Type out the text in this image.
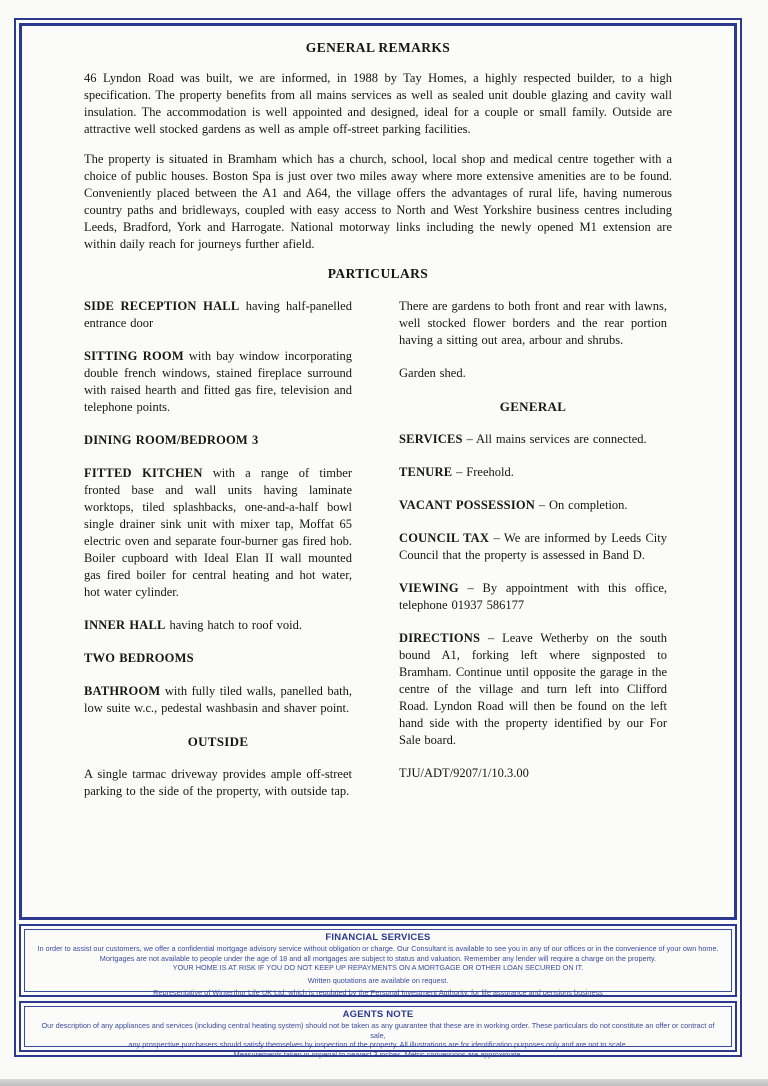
GENERAL REMARKS

46 Lyndon Road was built, we are informed, in 1988 by Tay Homes, a highly respected builder, to a high specification. The property benefits from all mains services as well as sealed unit double glazing and cavity wall insulation. The accommodation is well appointed and designed, ideal for a couple or small family. Outside are attractive well stocked gardens as well as ample off-street parking facilities.

The property is situated in Bramham which has a church, school, local shop and medical centre together with a choice of public houses. Boston Spa is just over two miles away where more extensive amenities are to be found. Conveniently placed between the A1 and A64, the village offers the advantages of rural life, having numerous country paths and bridleways, coupled with easy access to North and West Yorkshire business centres including Leeds, Bradford, York and Harrogate. National motorway links including the newly opened M1 extension are within daily reach for journeys further afield.

PARTICULARS

SIDE RECEPTION HALL having half-panelled entrance door

SITTING ROOM with bay window incorporating double french windows, stained fireplace surround with raised hearth and fitted gas fire, television and telephone points.

DINING ROOM/BEDROOM 3

FITTED KITCHEN with a range of timber fronted base and wall units having laminate worktops, tiled splashbacks, one-and-a-half bowl single drainer sink unit with mixer tap, Moffat 65 electric oven and separate four-burner gas fired hob. Boiler cupboard with Ideal Elan II wall mounted gas fired boiler for central heating and hot water, hot water cylinder.

INNER HALL having hatch to roof void.

TWO BEDROOMS

BATHROOM with fully tiled walls, panelled bath, low suite w.c., pedestal washbasin and shaver point.

OUTSIDE

A single tarmac driveway provides ample off-street parking to the side of the property, with outside tap.

There are gardens to both front and rear with lawns, well stocked flower borders and the rear portion having a sitting out area, arbour and shrubs.

Garden shed.

GENERAL

SERVICES – All mains services are connected.

TENURE – Freehold.

VACANT POSSESSION – On completion.

COUNCIL TAX – We are informed by Leeds City Council that the property is assessed in Band D.

VIEWING – By appointment with this office, telephone 01937 586177

DIRECTIONS – Leave Wetherby on the south bound A1, forking left where signposted to Bramham. Continue until opposite the garage in the centre of the village and turn left into Clifford Road. Lyndon Road will then be found on the left hand side with the property identified by our For Sale board.

TJU/ADT/9207/1/10.3.00

FINANCIAL SERVICES
In order to assist our customers, we offer a confidential mortgage advisory service without obligation or charge. Our Consultant is available to see you in any of our offices or in the convenience of your own home.
Mortgages are not available to people under the age of 18 and all mortgages are subject to status and valuation. Remember any lender will require a charge on the property.
YOUR HOME IS AT RISK IF YOU DO NOT KEEP UP REPAYMENTS ON A MORTGAGE OR OTHER LOAN SECURED ON IT.
Written quotations are available on request.
Representative of Winterthur Life UK Ltd, which is regulated by the Personal Investment Authority, for life assurance and pensions business
AGENTS NOTE
Our description of any appliances and services (including central heating system) should not be taken as any guarantee that these are in working order. These particulars do not constitute an offer or contract of sale,
any prospective purchasers should satisfy themselves by inspection of the property. All illustrations are for identification purposes only and are not to scale.
Measurements taken in imperial to nearest 3 inches. Metric conversions are approximate.
